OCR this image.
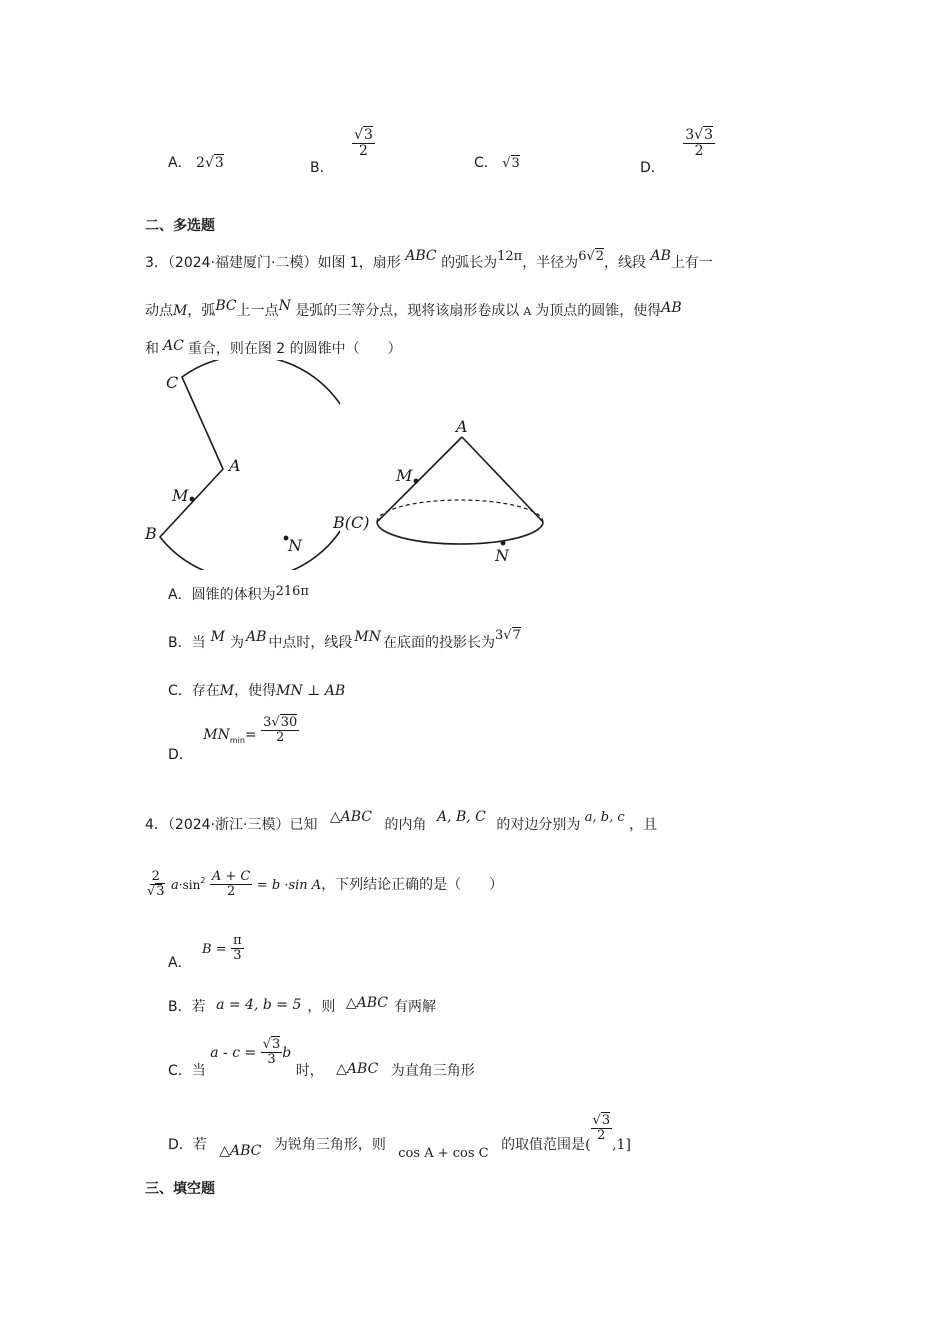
A． 2√3	B．
$\frac{√3}{2}$
C． √3	D．
$\frac{3√3}{2}$
二、多选题
3．（2024·福建厦门·二模）如图 1，扇形 ABC 的弧长为12π，半径为6√2，线段 AB上有一
动点M，弧BC上一点N 是弧的三等分点，现将该扇形卷成以 A 为顶点的圆锥，使得AB
和 AC 重合，则在图 2 的圆锥中（　　）
C
A
M
B
N
A
M
B(C)
N
A．圆锥的体积为216π
B．当 M 为 AB 中点时，线段 MN 在底面的投影长为3√7
C．存在M，使得MN ⊥ AB
D． $MN_{min}= \frac{3√30}{2}$
4．（2024·浙江·三模）已知 △ABC 的内角 A, B, C 的对边分别为 a, b, c ，且
$\frac{2}{√3} a\cdot\sin^2 \frac{A + C}{2} = b \cdot\sin$ A，下列结论正确的是（　　）
A． $B = \frac{\pi}{3}$
B．若 a = 4, b = 5 ，则 △ABC 有两解
C．当 $a - c = \frac{√3}{3}$ b 时， △ABC 为直角三角形
D．若 △ABC 为锐角三角形，则 cos A + cos C 的取值范围是(
$\frac{√3}{2}$
,1]
三、填空题
